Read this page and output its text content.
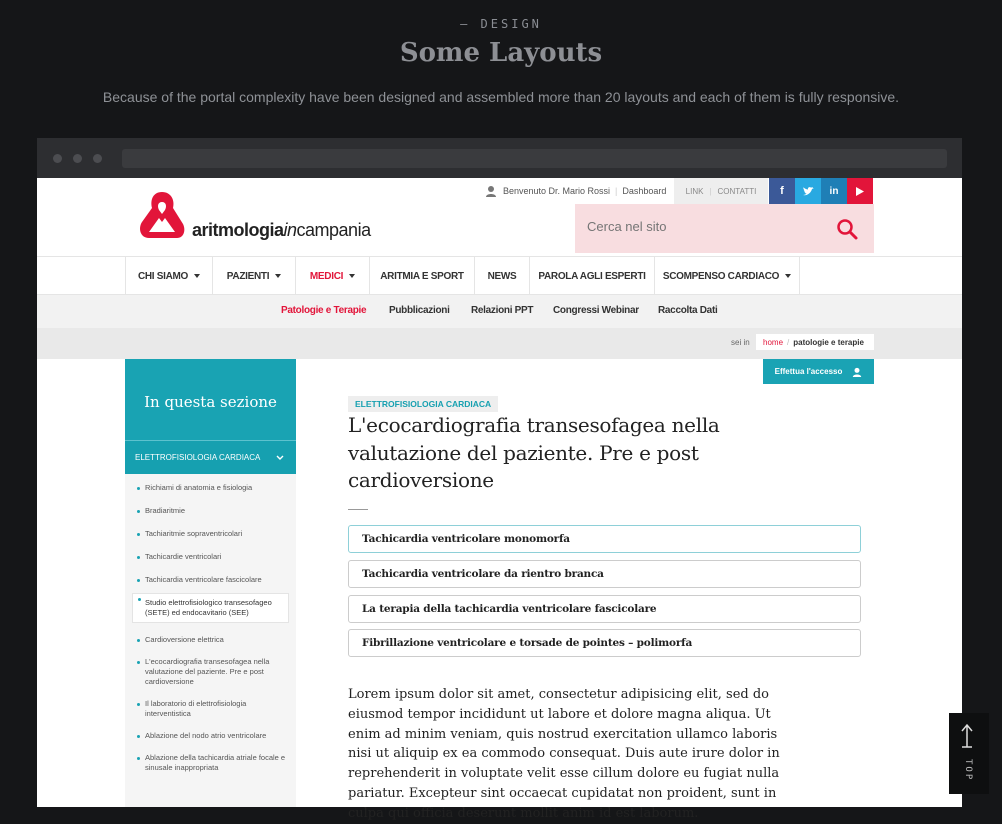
— DESIGN
Some Layouts
Because of the portal complexity have been designed and assembled more than 20 layouts and each of them is fully responsive.
aritmologiaincampania
Benvenuto Dr. Mario Rossi | Dashboard LINK | CONTATTI	f	in
Cerca nel sito
CHI SIAMO	PAZIENTI	MEDICI	ARITMIA E SPORT NEWS PAROLA AGLI ESPERTI SCOMPENSO CARDIACO
Patologie e Terapie Pubblicazioni Relazioni PPT Congressi Webinar Raccolta Dati
sei in home / patologie e terapie
Effettua l'accesso
In questa sezione
ELETTROFISIOLOGIA CARDIACA
Richiami di anatomia e fisiologia
Bradiaritmie
Tachiaritmie sopraventricolari
Tachicardie ventricolari
Tachicardia ventricolare fascicolare
Studio elettrofisiologico transesofageo (SETE) ed endocavitario (SEE)
Cardioversione elettrica
L'ecocardiografia transesofagea nella valutazione del paziente. Pre e post cardioversione
Il laboratorio di elettrofisiologia interventistica
Ablazione del nodo atrio ventricolare
Ablazione della tachicardia atriale focale e sinusale inappropriata
ELETTROFISIOLOGIA CARDIACA
L'ecocardiografia transesofagea nella valutazione del paziente. Pre e post cardioversione
Tachicardia ventricolare monomorfa
Tachicardia ventricolare da rientro branca
La terapia della tachicardia ventricolare fascicolare
Fibrillazione ventricolare e torsade de pointes – polimorfa

Lorem ipsum dolor sit amet, consectetur adipisicing elit, sed do eiusmod tempor incididunt ut labore et dolore magna aliqua. Ut enim ad minim veniam, quis nostrud exercitation ullamco laboris nisi ut aliquip ex ea commodo consequat. Duis aute irure dolor in reprehenderit in voluptate velit esse cillum dolore eu fugiat nulla pariatur. Excepteur sint occaecat cupidatat non proident, sunt in culpa qui officia deserunt mollit anim id est laborum.

TOP
